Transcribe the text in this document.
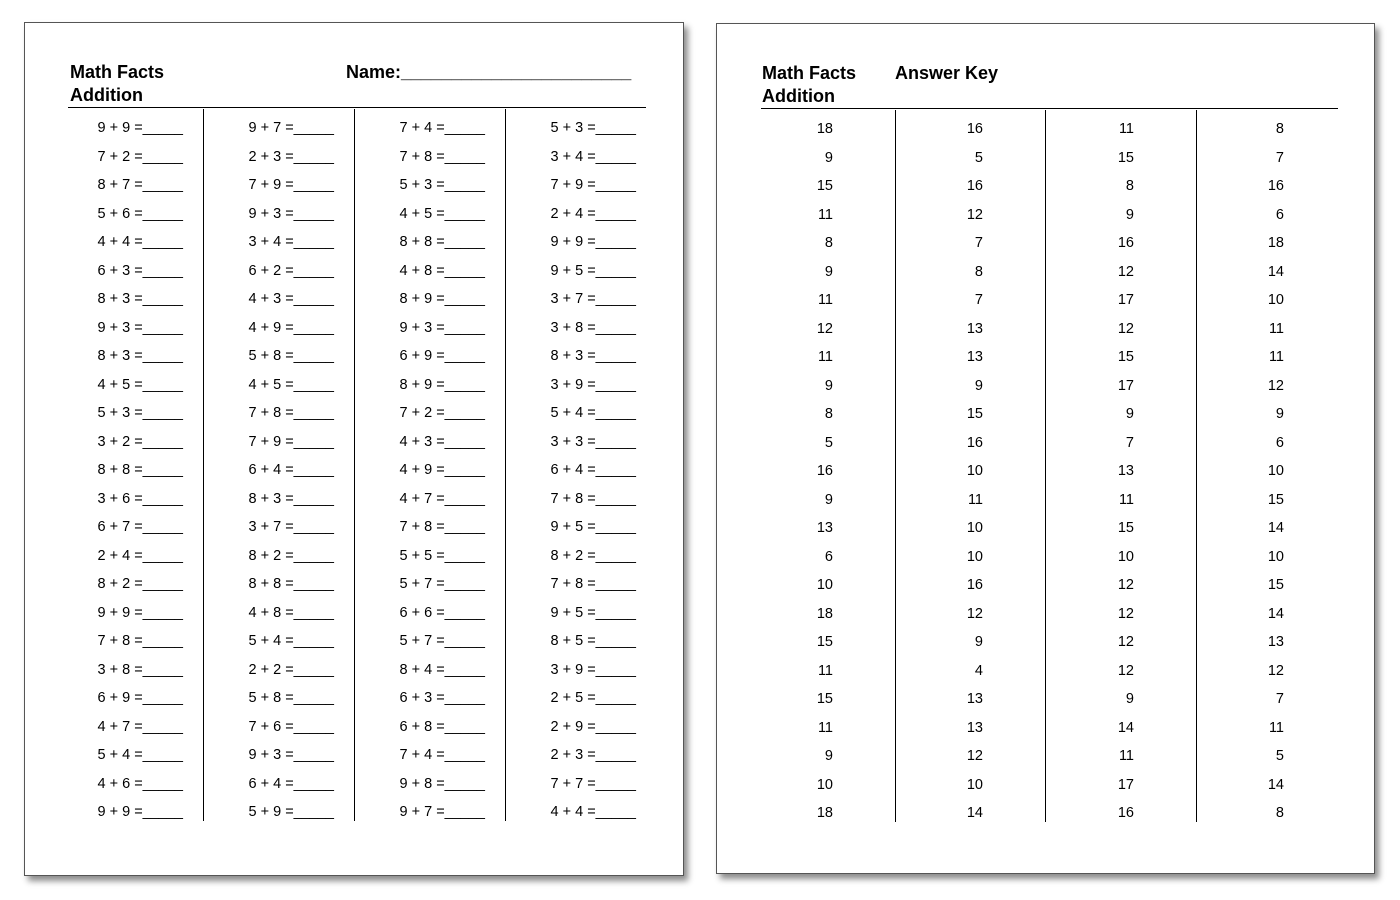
Math Facts
Addition
Name:_______________________
9 + 9 =_____
7 + 2 =_____
8 + 7 =_____
5 + 6 =_____
4 + 4 =_____
6 + 3 =_____
8 + 3 =_____
9 + 3 =_____
8 + 3 =_____
4 + 5 =_____
5 + 3 =_____
3 + 2 =_____
8 + 8 =_____
3 + 6 =_____
6 + 7 =_____
2 + 4 =_____
8 + 2 =_____
9 + 9 =_____
7 + 8 =_____
3 + 8 =_____
6 + 9 =_____
4 + 7 =_____
5 + 4 =_____
4 + 6 =_____
9 + 9 =_____
9 + 7 =_____
2 + 3 =_____
7 + 9 =_____
9 + 3 =_____
3 + 4 =_____
6 + 2 =_____
4 + 3 =_____
4 + 9 =_____
5 + 8 =_____
4 + 5 =_____
7 + 8 =_____
7 + 9 =_____
6 + 4 =_____
8 + 3 =_____
3 + 7 =_____
8 + 2 =_____
8 + 8 =_____
4 + 8 =_____
5 + 4 =_____
2 + 2 =_____
5 + 8 =_____
7 + 6 =_____
9 + 3 =_____
6 + 4 =_____
5 + 9 =_____
7 + 4 =_____
7 + 8 =_____
5 + 3 =_____
4 + 5 =_____
8 + 8 =_____
4 + 8 =_____
8 + 9 =_____
9 + 3 =_____
6 + 9 =_____
8 + 9 =_____
7 + 2 =_____
4 + 3 =_____
4 + 9 =_____
4 + 7 =_____
7 + 8 =_____
5 + 5 =_____
5 + 7 =_____
6 + 6 =_____
5 + 7 =_____
8 + 4 =_____
6 + 3 =_____
6 + 8 =_____
7 + 4 =_____
9 + 8 =_____
9 + 7 =_____
5 + 3 =_____
3 + 4 =_____
7 + 9 =_____
2 + 4 =_____
9 + 9 =_____
9 + 5 =_____
3 + 7 =_____
3 + 8 =_____
8 + 3 =_____
3 + 9 =_____
5 + 4 =_____
3 + 3 =_____
6 + 4 =_____
7 + 8 =_____
9 + 5 =_____
8 + 2 =_____
7 + 8 =_____
9 + 5 =_____
8 + 5 =_____
3 + 9 =_____
2 + 5 =_____
2 + 9 =_____
2 + 3 =_____
7 + 7 =_____
4 + 4 =_____
Math Facts
Addition
Answer Key
18
9
15
11
8
9
11
12
11
9
8
5
16
9
13
6
10
18
15
11
15
11
9
10
18
16
5
16
12
7
8
7
13
13
9
15
16
10
11
10
10
16
12
9
4
13
13
12
10
14
11
15
8
9
16
12
17
12
15
17
9
7
13
11
15
10
12
12
12
12
9
14
11
17
16
8
7
16
6
18
14
10
11
11
12
9
6
10
15
14
10
15
14
13
12
7
11
5
14
8
